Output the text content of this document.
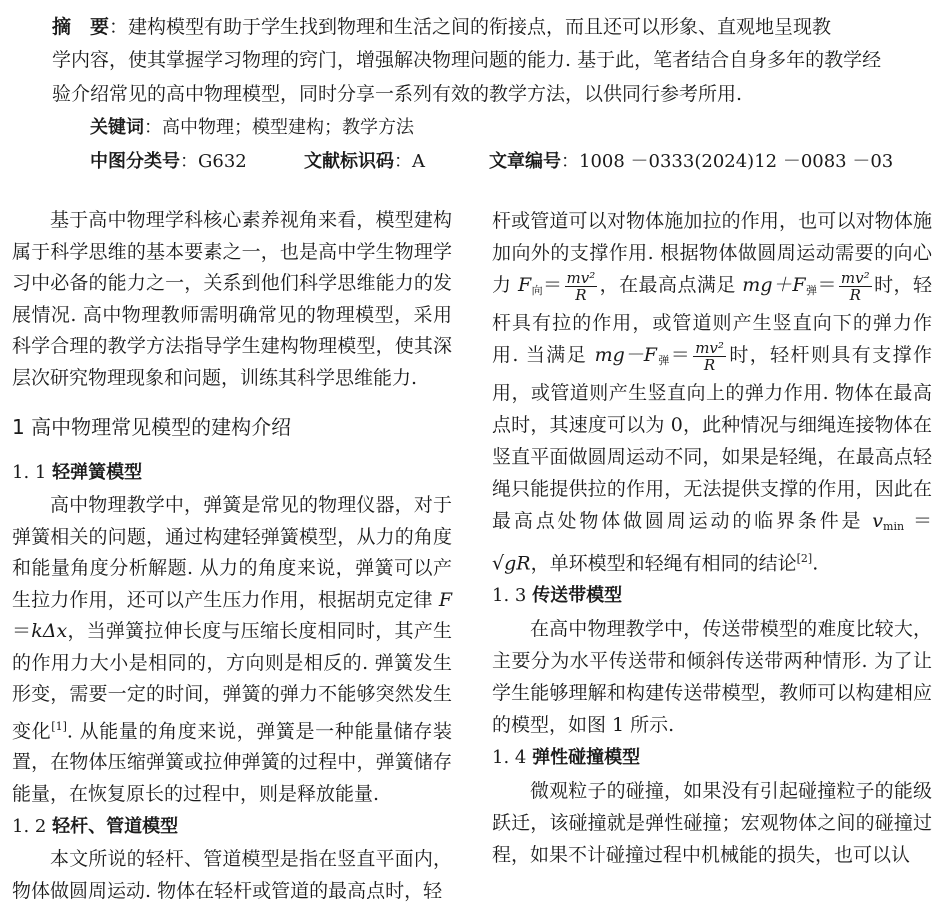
摘　要：建构模型有助于学生找到物理和生活之间的衔接点，而且还可以形象、直观地呈现教
学内容，使其掌握学习物理的窍门，增强解决物理问题的能力. 基于此，笔者结合自身多年的教学经
验介绍常见的高中物理模型，同时分享一系列有效的教学方法，以供同行参考所用.
关键词：高中物理；模型建构；教学方法
中图分类号：G632	文献标识码：A	文章编号：1008 －0333(2024)12 －0083 －03

基于高中物理学科核心素养视角来看，模型建构属于科学思维的基本要素之一，也是高中学生物理学习中必备的能力之一，关系到他们科学思维能力的发展情况. 高中物理教师需明确常见的物理模型，采用科学合理的教学方法指导学生建构物理模型，使其深层次研究物理现象和问题，训练其科学思维能力.

1 高中物理常见模型的建构介绍
1. 1 轻弹簧模型

高中物理教学中，弹簧是常见的物理仪器，对于弹簧相关的问题，通过构建轻弹簧模型，从力的角度和能量角度分析解题. 从力的角度来说，弹簧可以产生拉力作用，还可以产生压力作用，根据胡克定律 F＝kΔx，当弹簧拉伸长度与压缩长度相同时，其产生的作用力大小是相同的，方向则是相反的. 弹簧发生形变，需要一定的时间，弹簧的弹力不能够突然发生变化[1]. 从能量的角度来说，弹簧是一种能量储存装置，在物体压缩弹簧或拉伸弹簧的过程中，弹簧储存能量，在恢复原长的过程中，则是释放能量.

1. 2 轻杆、管道模型

本文所说的轻杆、管道模型是指在竖直平面内，物体做圆周运动. 物体在轻杆或管道的最高点时，轻

杆或管道可以对物体施加拉的作用，也可以对物体施加向外的支撑作用. 根据物体做圆周运动需要的向心力 $F_向= \frac{\text{mv²}}{R}$ ，在最高点满足 $mg+F_弹= \frac{\text{mv²}}{R}$ 时，轻杆具有拉的作用，或管道则产生竖直向下的弹力作用. 当满足 $mg-F_弹= \frac{\text{mv²}}{R}$ 时，轻杆则具有支撑作用，或管道则产生竖直向上的弹力作用. 物体在最高点时，其速度可以为 0，此种情况与细绳连接物体在竖直平面做圆周运动不同，如果是轻绳，在最高点轻绳只能提供拉的作用，无法提供支撑的作用，因此在最高点处物体做圆周运动的临界条件是 $v_{min} = √gR$，单环模型和轻绳有相同的结论[2].

1. 3 传送带模型

在高中物理教学中，传送带模型的难度比较大，主要分为水平传送带和倾斜传送带两种情形. 为了让学生能够理解和构建传送带模型，教师可以构建相应的模型，如图 1 所示.

1. 4 弹性碰撞模型

微观粒子的碰撞，如果没有引起碰撞粒子的能级跃迁，该碰撞就是弹性碰撞；宏观物体之间的碰撞过程，如果不计碰撞过程中机械能的损失，也可以认
